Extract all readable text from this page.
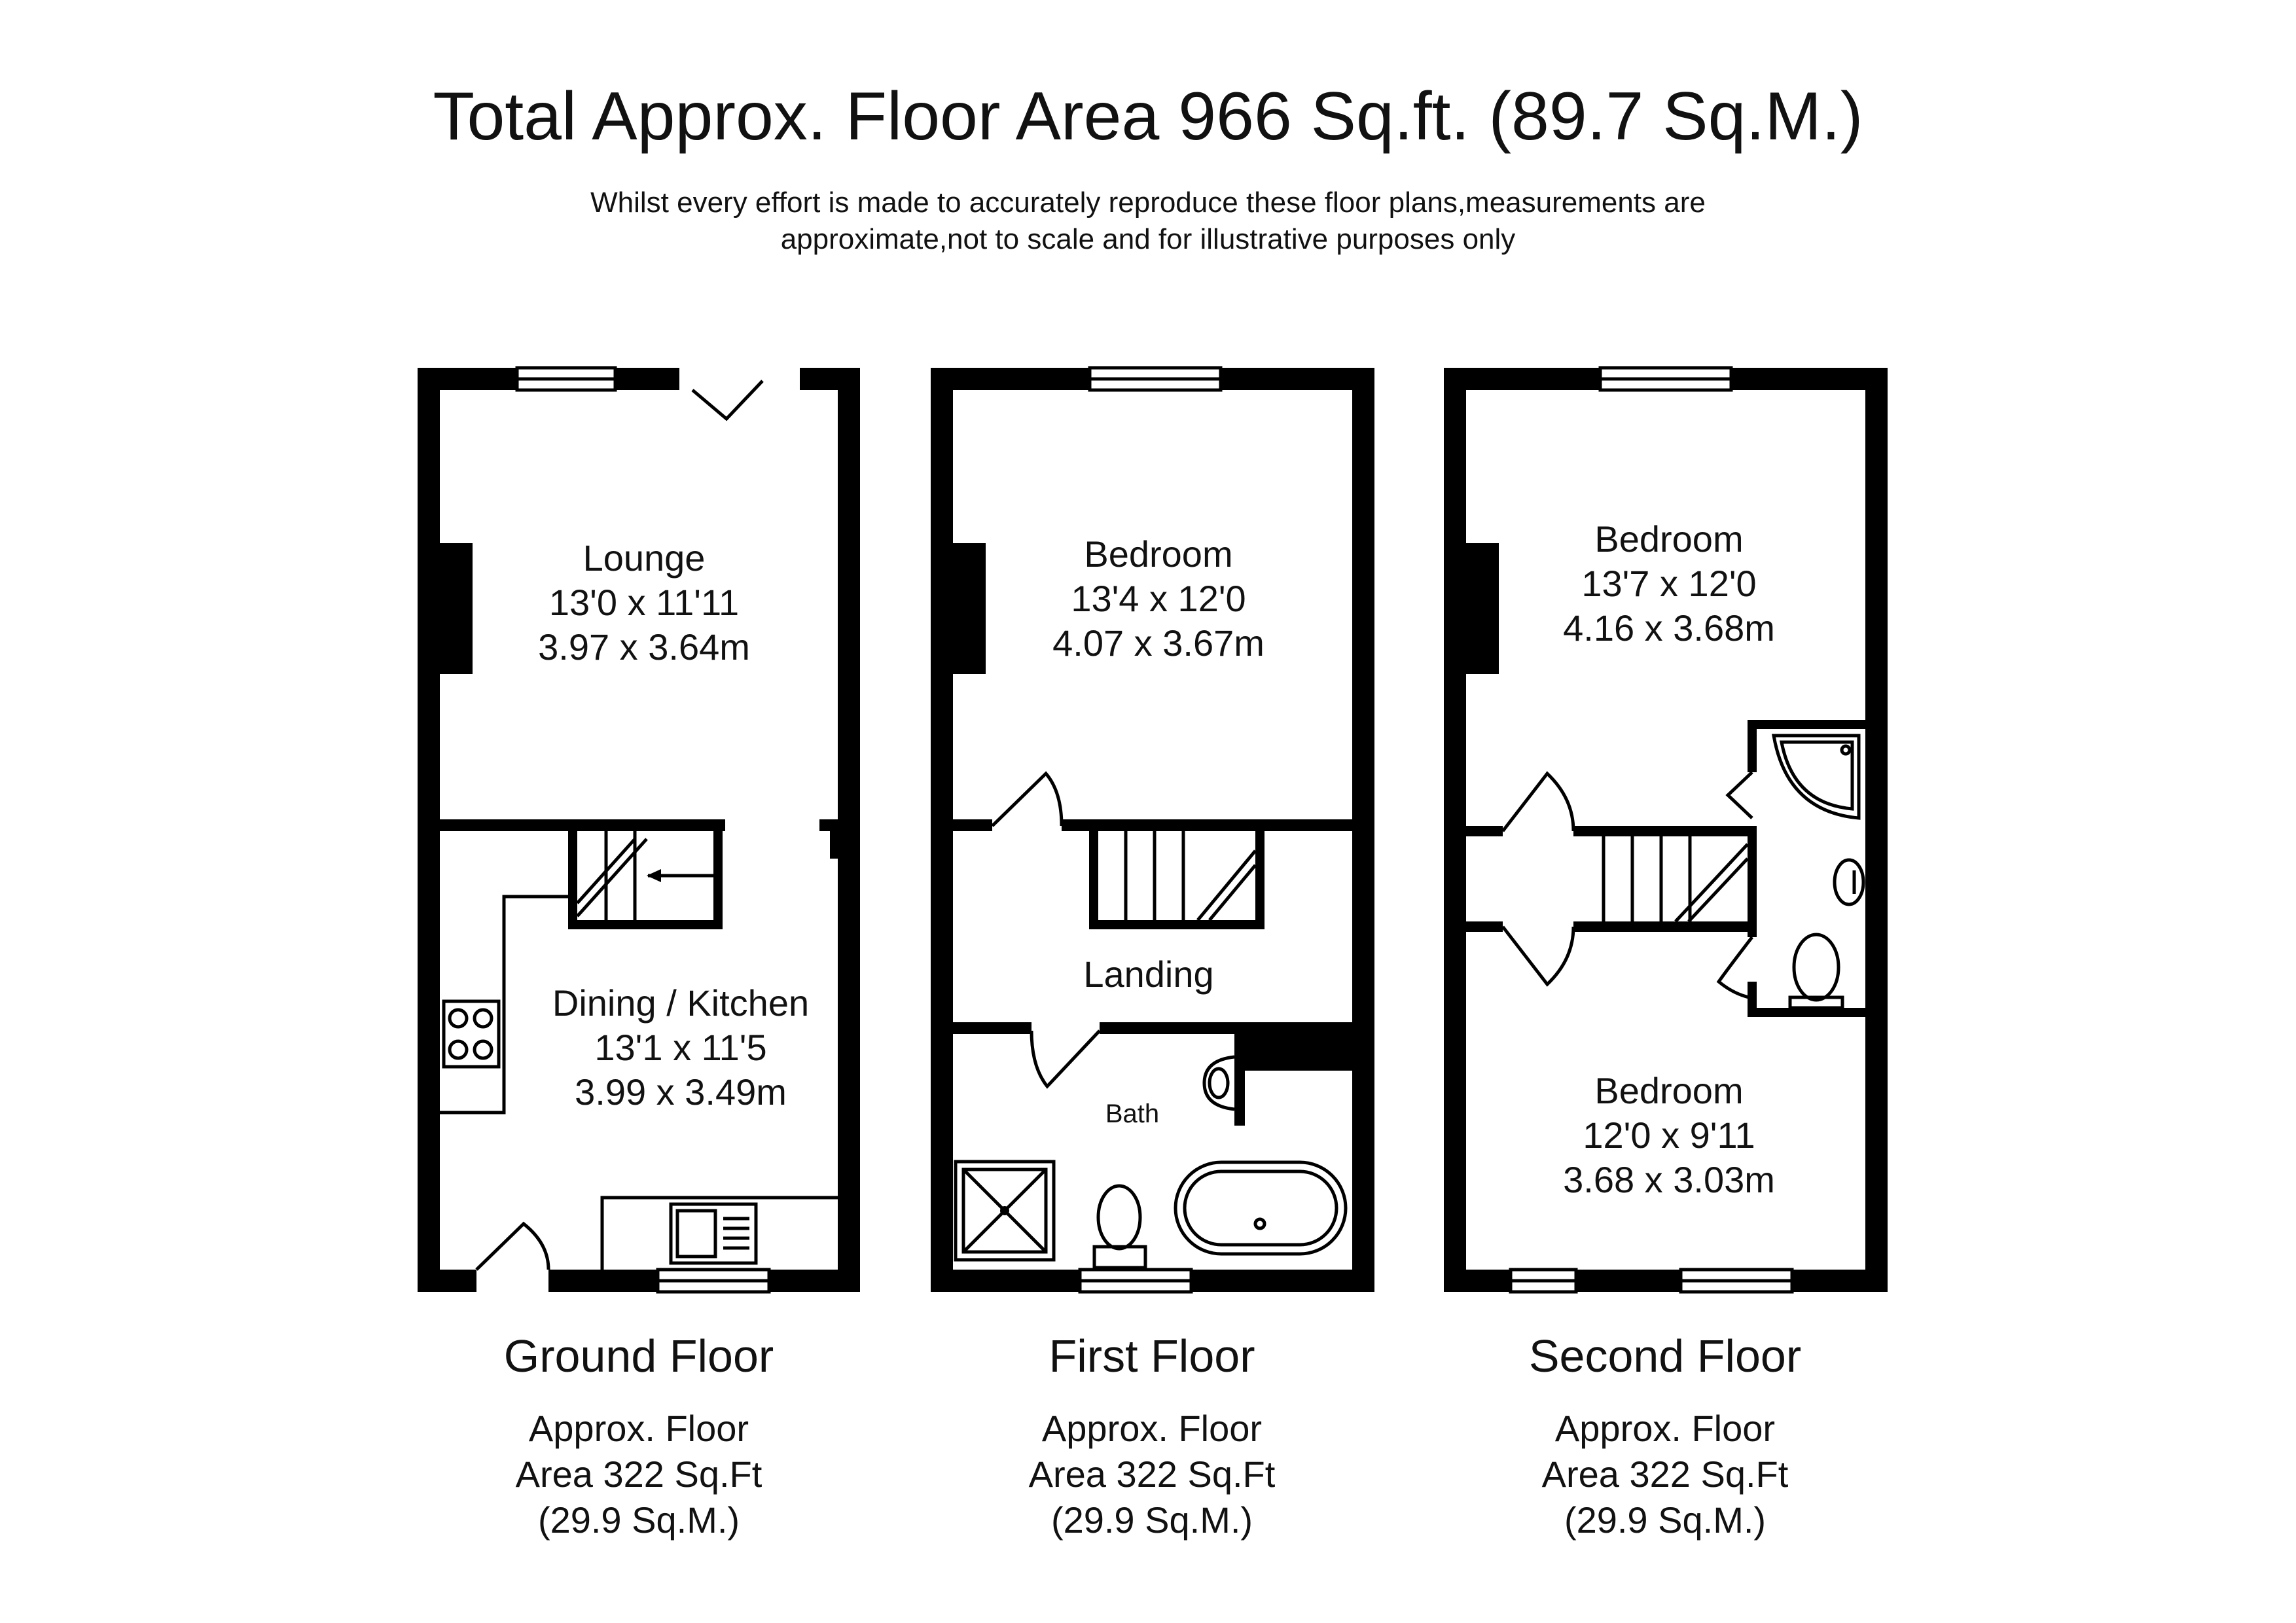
Total Approx. Floor Area 966 Sq.ft. (89.7 Sq.M.)
Whilst every effort is made to accurately reproduce these floor plans,measurements are
approximate,not to scale and for illustrative purposes only
Lounge
13'0 x 11'11
3.97 x 3.64m
Dining / Kitchen
13'1 x 11'5
3.99 x 3.49m
Bedroom
13'4 x 12'0
4.07 x 3.67m
Landing
Bath
Bedroom
13'7 x 12'0
4.16 x 3.68m
Bedroom
12'0 x 9'11
3.68 x 3.03m
Ground Floor
Approx. Floor
Area 322 Sq.Ft
(29.9 Sq.M.)
First Floor
Approx. Floor
Area 322 Sq.Ft
(29.9 Sq.M.)
Second Floor
Approx. Floor
Area 322 Sq.Ft
(29.9 Sq.M.)
